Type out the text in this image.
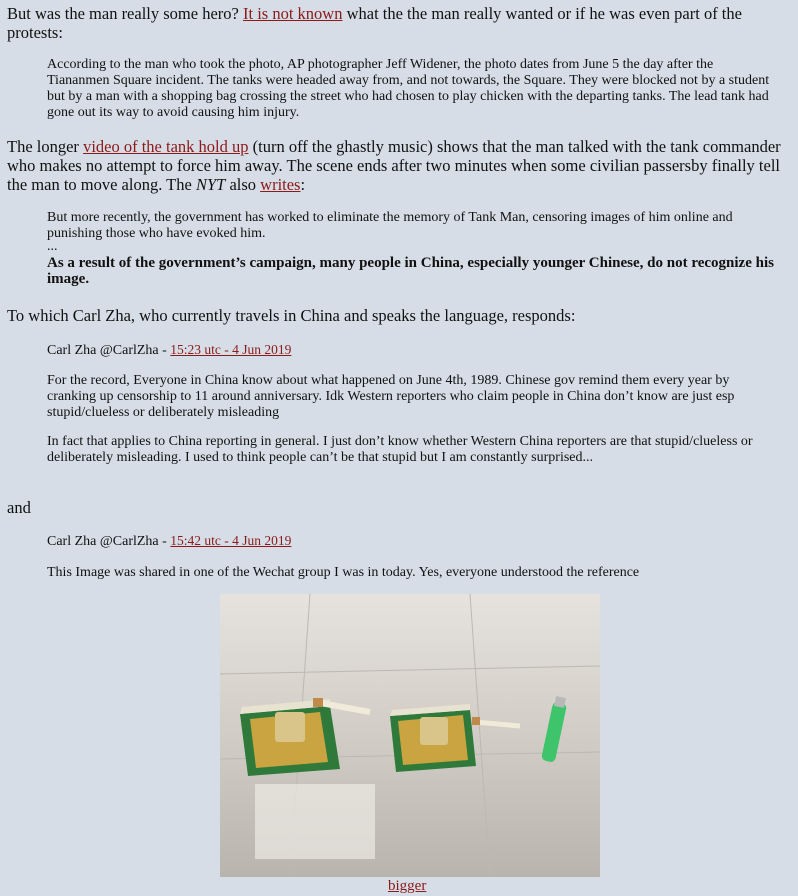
But was the man really some hero? It is not known what the the man really wanted or if he was even part of the protests:

According to the man who took the photo, AP photographer Jeff Widener, the photo dates from June 5 the day after the Tiananmen Square incident. The tanks were headed away from, and not towards, the Square. They were blocked not by a student but by a man with a shopping bag crossing the street who had chosen to play chicken with the departing tanks. The lead tank had gone out its way to avoid causing him injury.

The longer video of the tank hold up (turn off the ghastly music) shows that the man talked with the tank commander who makes no attempt to force him away. The scene ends after two minutes when some civilian passersby finally tell the man to move along. The NYT also writes:

But more recently, the government has worked to eliminate the memory of Tank Man, censoring images of him online and punishing those who have evoked him.
...
As a result of the government’s campaign, many people in China, especially younger Chinese, do not recognize his image.

To which Carl Zha, who currently travels in China and speaks the language, responds:

Carl Zha @CarlZha - 15:23 utc - 4 Jun 2019
For the record, Everyone in China know about what happened on June 4th, 1989. Chinese gov remind them every year by cranking up censorship to 11 around anniversary. Idk Western reporters who claim people in China don’t know are just esp stupid/clueless or deliberately misleading
In fact that applies to China reporting in general. I just don’t know whether Western China reporters are that stupid/clueless or deliberately misleading. I used to think people can’t be that stupid but I am constantly surprised...

and

Carl Zha @CarlZha - 15:42 utc - 4 Jun 2019
This Image was shared in one of the Wechat group I was in today. Yes, everyone understood the reference
bigger
